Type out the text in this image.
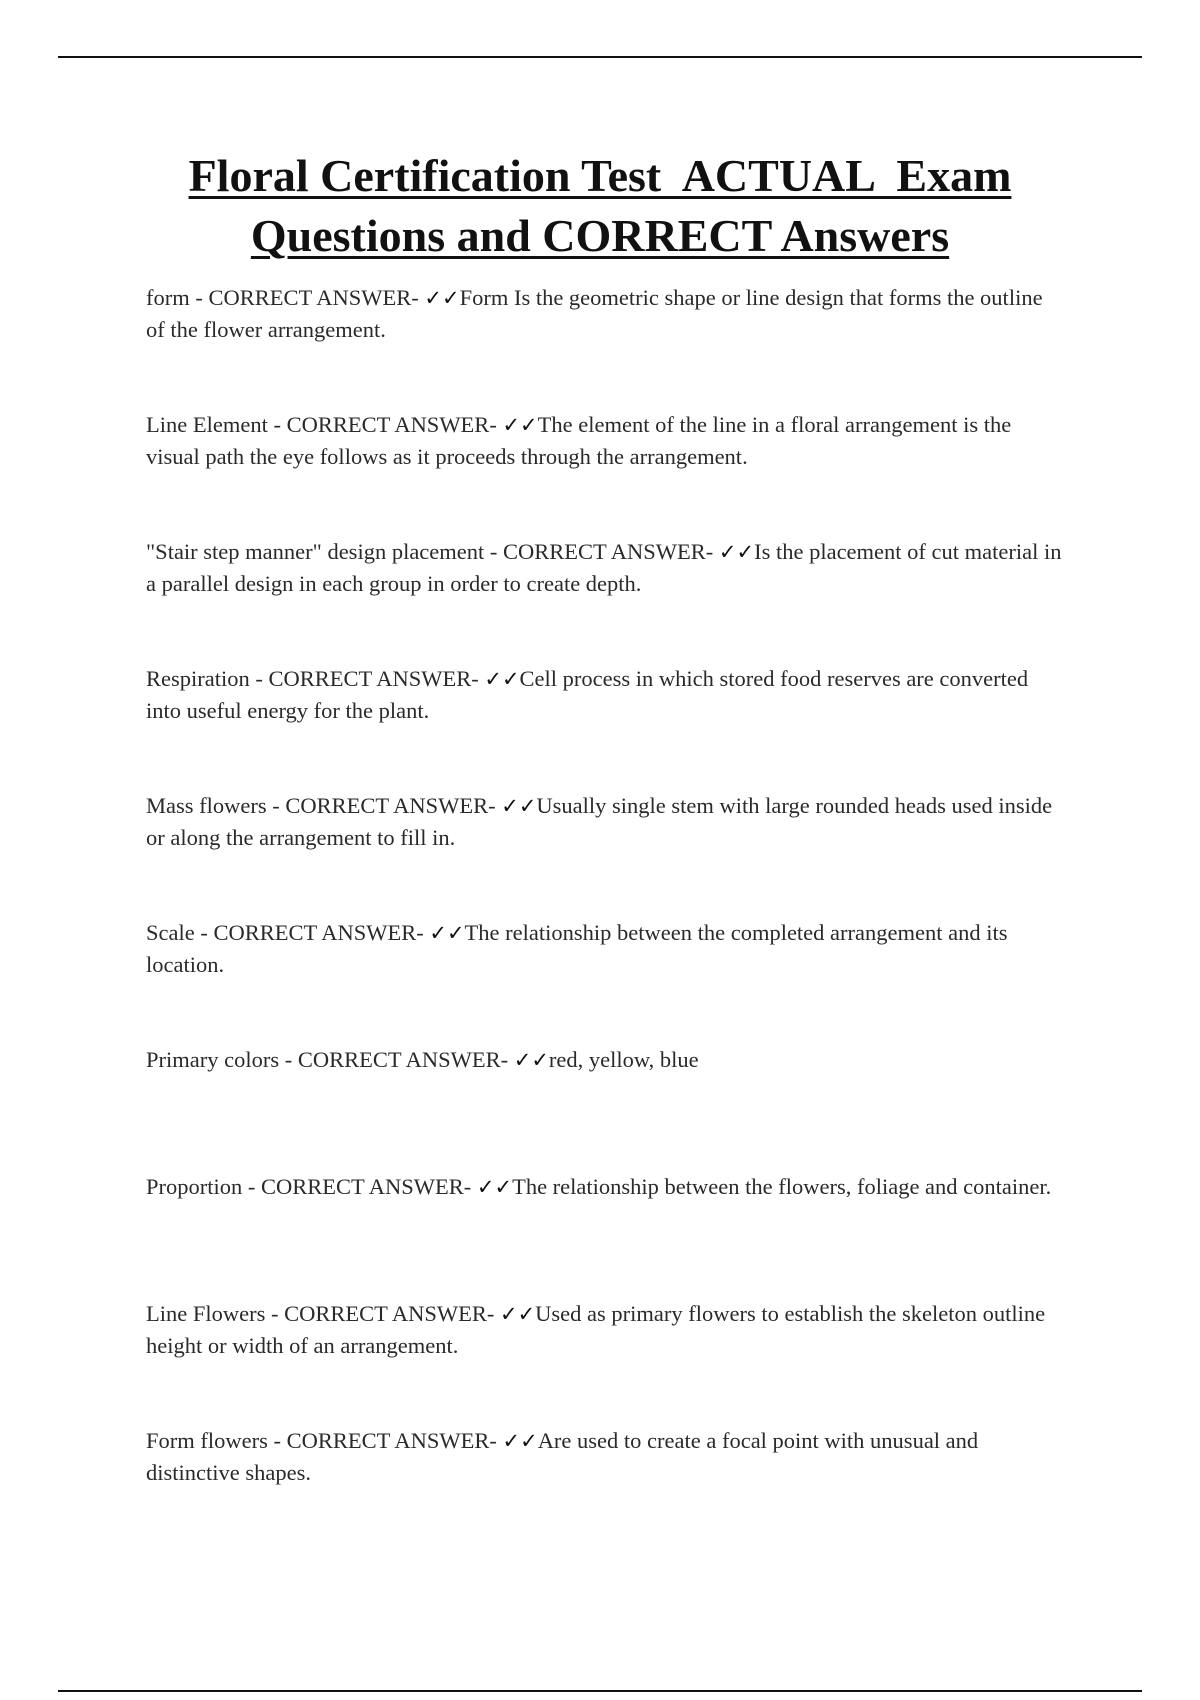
Floral Certification Test  ACTUAL  Exam
Questions and CORRECT Answers

form - CORRECT ANSWER- ✓✓Form Is the geometric shape or line design that forms the outline of the flower arrangement.

Line Element - CORRECT ANSWER- ✓✓The element of the line in a floral arrangement is the visual path the eye follows as it proceeds through the arrangement.

"Stair step manner" design placement - CORRECT ANSWER- ✓✓Is the placement of cut material in a parallel design in each group in order to create depth.

Respiration - CORRECT ANSWER- ✓✓Cell process in which stored food reserves are converted into useful energy for the plant.

Mass flowers - CORRECT ANSWER- ✓✓Usually single stem with large rounded heads used inside or along the arrangement to fill in.

Scale - CORRECT ANSWER- ✓✓The relationship between the completed arrangement and its location.

Primary colors - CORRECT ANSWER- ✓✓red, yellow, blue

Proportion - CORRECT ANSWER- ✓✓The relationship between the flowers, foliage and container.

Line Flowers - CORRECT ANSWER- ✓✓Used as primary flowers to establish the skeleton outline height or width of an arrangement.

Form flowers - CORRECT ANSWER- ✓✓Are used to create a focal point with unusual and distinctive shapes.
